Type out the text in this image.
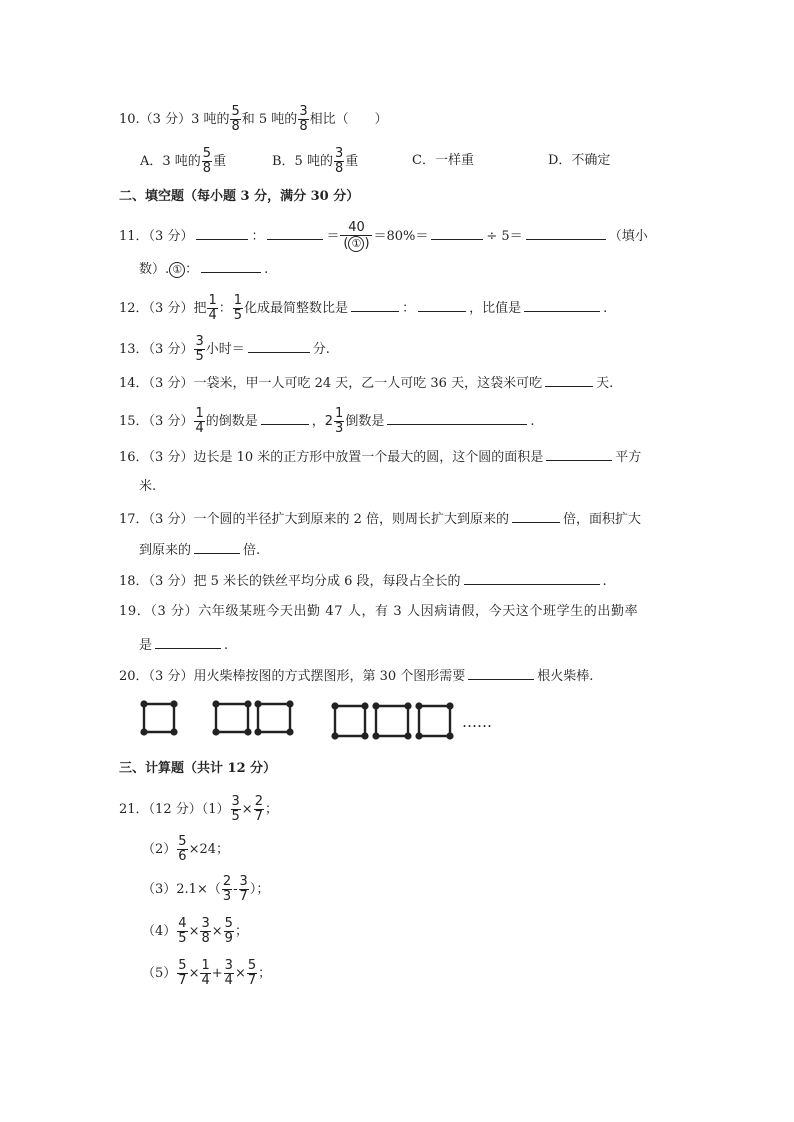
10.（3 分）3 吨的 $\frac{5}{8}$ 和 5 吨的 $\frac{3}{8}$ 相比（　　）
A．3 吨的 $\frac{5}{8}$ 重	B．5 吨的 $\frac{3}{8}$ 重	C．一样重	D．不确定
二、填空题（每小题 3 分，满分 30 分）
11．（3 分）	：	＝ $\frac{40}{\text{( ① )}} =80\%=$	÷ 5＝	（填小
数）. ① ：	.
12．（3 分）把 $\frac{1}{4}$ ： $\frac{1}{5}$ 化成最简整数比是	：	，比值是	.
13．（3 分） $\frac{3}{5}$ 小时＝	分.
14．（3 分）一袋米，甲一人可吃 24 天，乙一人可吃 36 天，这袋米可吃	天.
15．（3 分） $\frac{1}{4}$ 的倒数是	， $2 \frac{1}{3}$ 倒数是	.
16．（3 分）边长是 10 米的正方形中放置一个最大的圆，这个圆的面积是	平方
米.
17．（3 分）一个圆的半径扩大到原来的 2 倍，则周长扩大到原来的	倍，面积扩大
到原来的	倍.
18．（3 分）把 5 米长的铁丝平均分成 6 段，每段占全长的	.
19．（3 分）六年级某班今天出勤 47 人，有 3 人因病请假，今天这个班学生的出勤率
是	.
20．（3 分）用火柴棒按图的方式摆图形，第 30 个图形需要	根火柴棒.
……
三、计算题（共计 12 分）
21．（12 分）$(1) \frac{3}{5} \times \frac{2}{7}$ ；
$(2) \frac{5}{6} \times 24$；
$(3)2.1\times( \frac{2}{3} - \frac{3}{7}$ ）；
$(4) \frac{4}{5} \times \frac{3}{8} \times \frac{5}{9}$ ；
$(5) \frac{5}{7} \times \frac{1}{4} + \frac{3}{4} \times \frac{5}{7}$ ；
